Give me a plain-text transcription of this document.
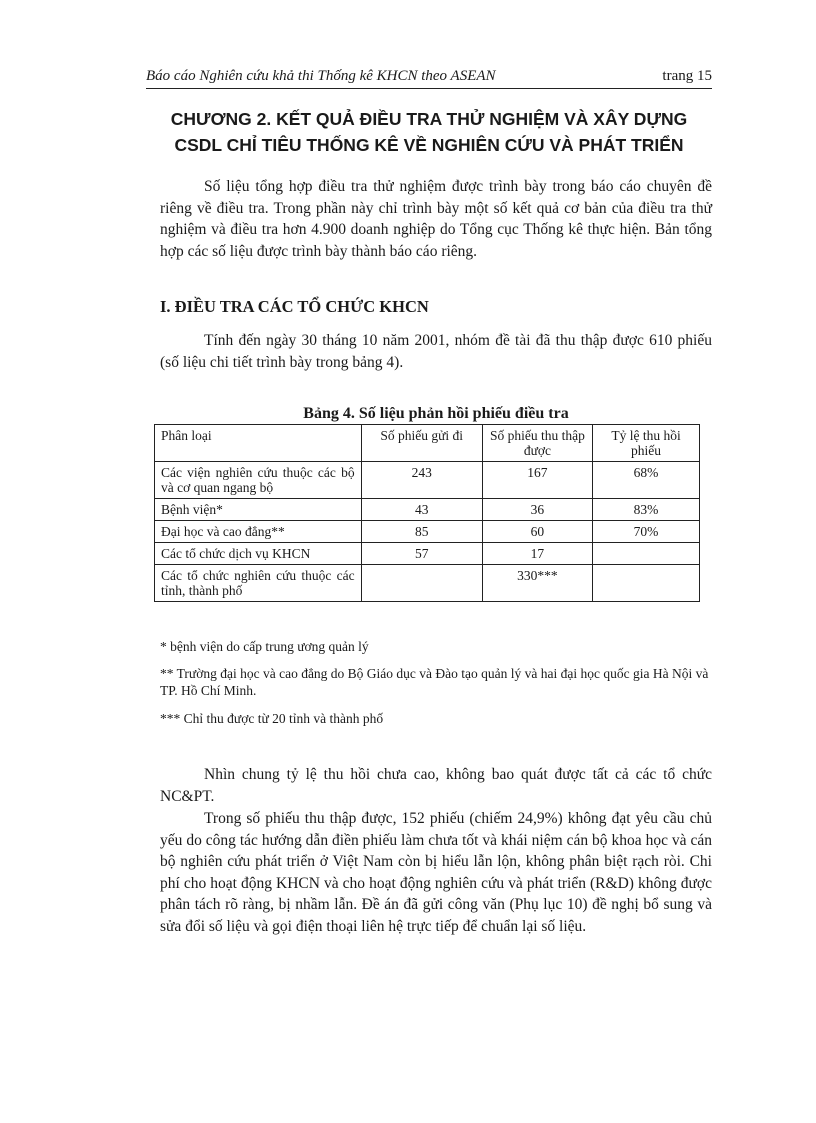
Báo cáo Nghiên cứu khả thi Thống kê KHCN theo ASEAN	trang 15
CHƯƠNG 2. KẾT QUẢ ĐIỀU TRA THỬ NGHIỆM VÀ XÂY DỰNG
CSDL CHỈ TIÊU THỐNG KÊ VỀ NGHIÊN CỨU VÀ PHÁT TRIỂN

Số liệu tổng hợp điều tra thử nghiệm được trình bày trong báo cáo chuyên đề riêng về điều tra. Trong phần này chỉ trình bày một số kết quả cơ bản của điều tra thử nghiệm và điều tra hơn 4.900 doanh nghiệp do Tổng cục Thống kê thực hiện. Bản tổng hợp các số liệu được trình bày thành báo cáo riêng.

I. ĐIỀU TRA CÁC TỔ CHỨC KHCN

Tính đến ngày 30 tháng 10 năm 2001, nhóm đề tài đã thu thập được 610 phiếu (số liệu chi tiết trình bày trong bảng 4).

Bảng 4. Số liệu phản hồi phiếu điều tra
Phân loại	Số phiếu gửi đi	Số phiếu thu thập được	Tỷ lệ thu hồi phiếu
Các viện nghiên cứu thuộc các bộ và cơ quan ngang bộ	243	167	68%
Bệnh viện*	43	36	83%
Đại học và cao đẳng**	85	60	70%
Các tổ chức dịch vụ KHCN	57	17	
Các tổ chức nghiên cứu thuộc các tỉnh, thành phố		330***	

* bệnh viện do cấp trung ương quản lý

** Trường đại học và cao đẳng do Bộ Giáo dục và Đào tạo quản lý và hai đại học quốc gia Hà Nội và TP. Hồ Chí Minh.

*** Chỉ thu được từ 20 tỉnh và thành phố

Nhìn chung tỷ lệ thu hồi chưa cao, không bao quát được tất cả các tổ chức NC&PT.

Trong số phiếu thu thập được, 152 phiếu (chiếm 24,9%) không đạt yêu cầu chủ yếu do công tác hướng dẫn điền phiếu làm chưa tốt và khái niệm cán bộ khoa học và cán bộ nghiên cứu phát triển ở Việt Nam còn bị hiểu lẫn lộn, không phân biệt rạch ròi. Chi phí cho hoạt động KHCN và cho hoạt động nghiên cứu và phát triển (R&D) không được phân tách rõ ràng, bị nhầm lẫn. Đề án đã gửi công văn (Phụ lục 10) đề nghị bổ sung và sửa đổi số liệu và gọi điện thoại liên hệ trực tiếp để chuẩn lại số liệu.
